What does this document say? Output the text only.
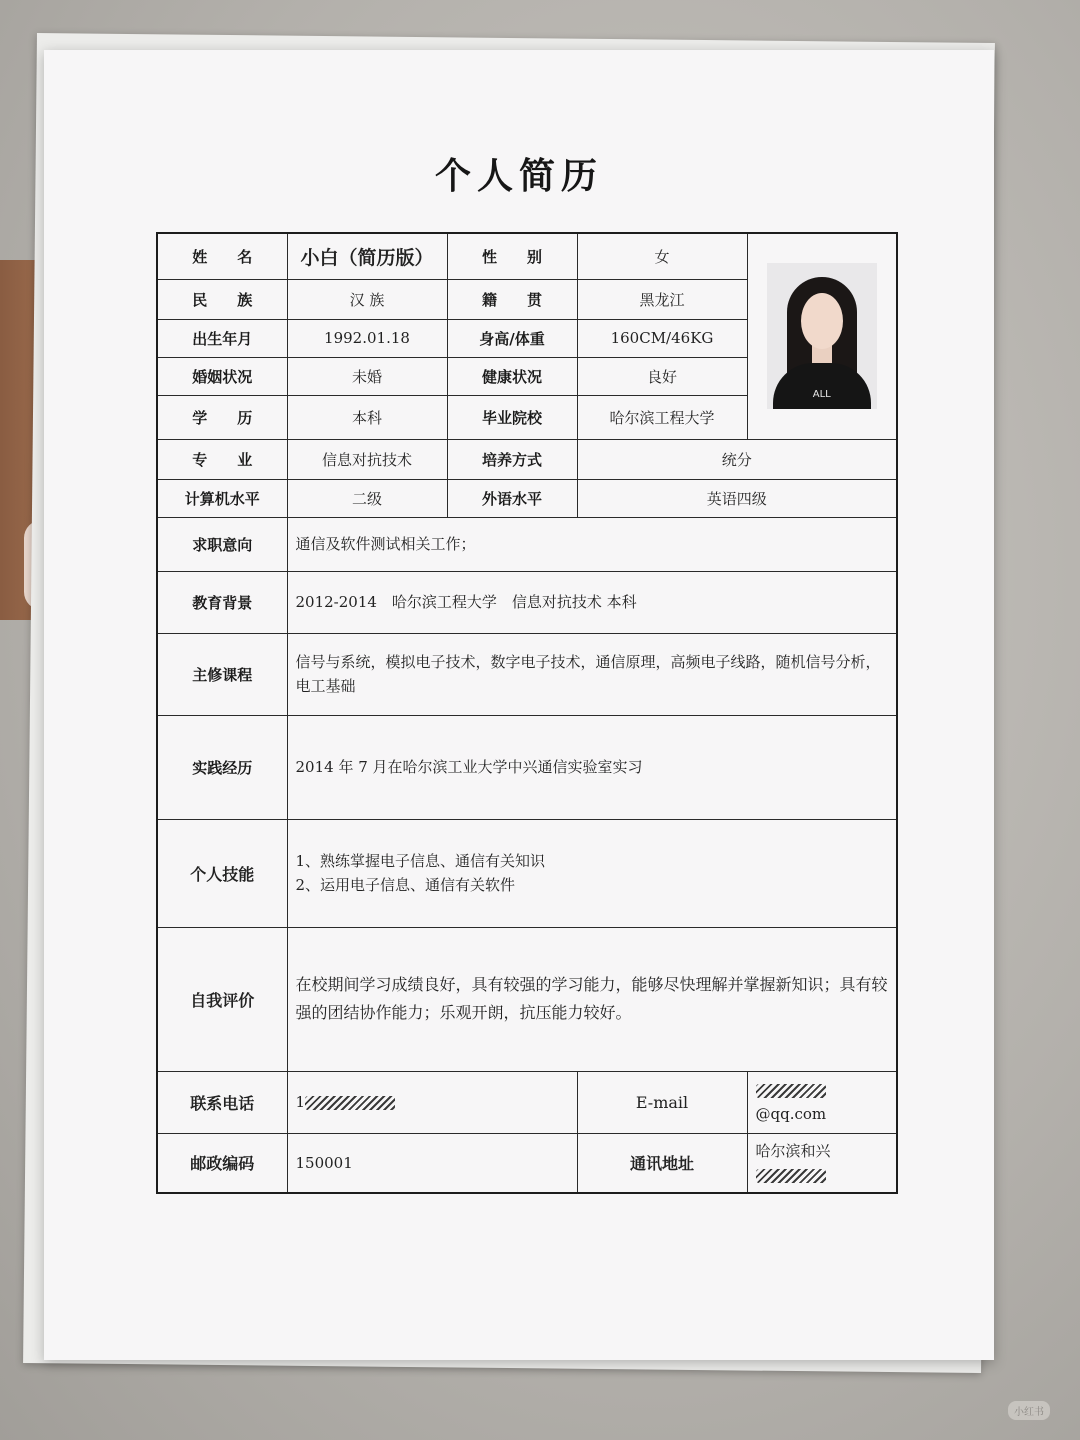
个人简历
姓　　名	小白（简历版）	性　　别	女	ALL

民　　族	汉 族	籍　　贯	黑龙江	
出生年月	1992.01.18	身高/体重	160CM/46KG	
婚姻状况	未婚	健康状况	良好	
学　　历	本科	毕业院校	哈尔滨工程大学	
专　　业	信息对抗技术	培养方式	统分	
计算机水平	二级	外语水平	英语四级	
求职意向	通信及软件测试相关工作；			
教育背景	2012-2014　哈尔滨工程大学　信息对抗技术 本科			
主修课程	信号与系统，模拟电子技术，数字电子技术，通信原理，高频电子线路，随机信号分析，电工基础			
实践经历	2014 年 7 月在哈尔滨工业大学中兴通信实验室实习			
个人技能	1、熟练掌握电子信息、通信有关知识
2、运用电子信息、通信有关软件			

自我评价	在校期间学习成绩良好，具有较强的学习能力，能够尽快理解并掌握新知识；具有较强的团结协作能力；乐观开朗，抗压能力较好。			
联系电话	1		E-mail	@qq.com
邮政编码	150001		通讯地址	哈尔滨和兴
小红书
